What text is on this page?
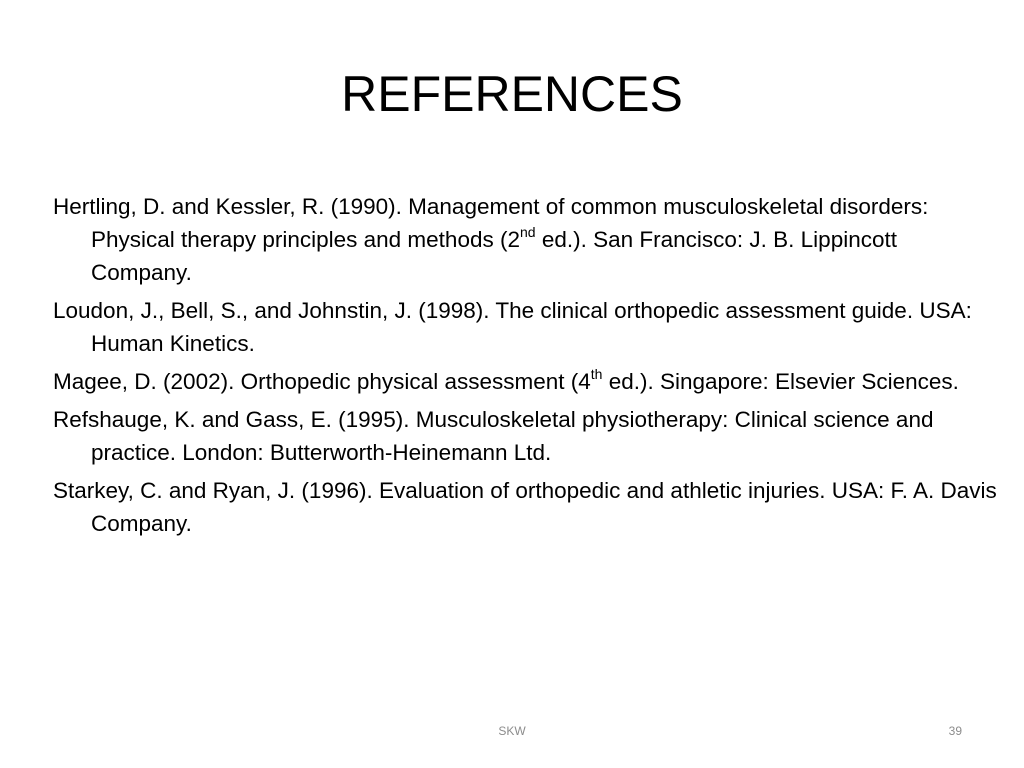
REFERENCES
Hertling, D. and Kessler, R. (1990). Management of common musculoskeletal disorders: Physical therapy principles and methods (2nd ed.). San Francisco: J. B. Lippincott Company.
Loudon, J., Bell, S., and Johnstin, J. (1998). The clinical orthopedic assessment guide. USA: Human Kinetics.
Magee, D. (2002). Orthopedic physical assessment (4th ed.). Singapore: Elsevier Sciences.
Refshauge, K. and Gass, E. (1995). Musculoskeletal physiotherapy: Clinical science and practice. London: Butterworth-Heinemann Ltd.
Starkey, C. and Ryan, J. (1996). Evaluation of orthopedic and athletic injuries. USA: F. A. Davis Company.
SKW	39
